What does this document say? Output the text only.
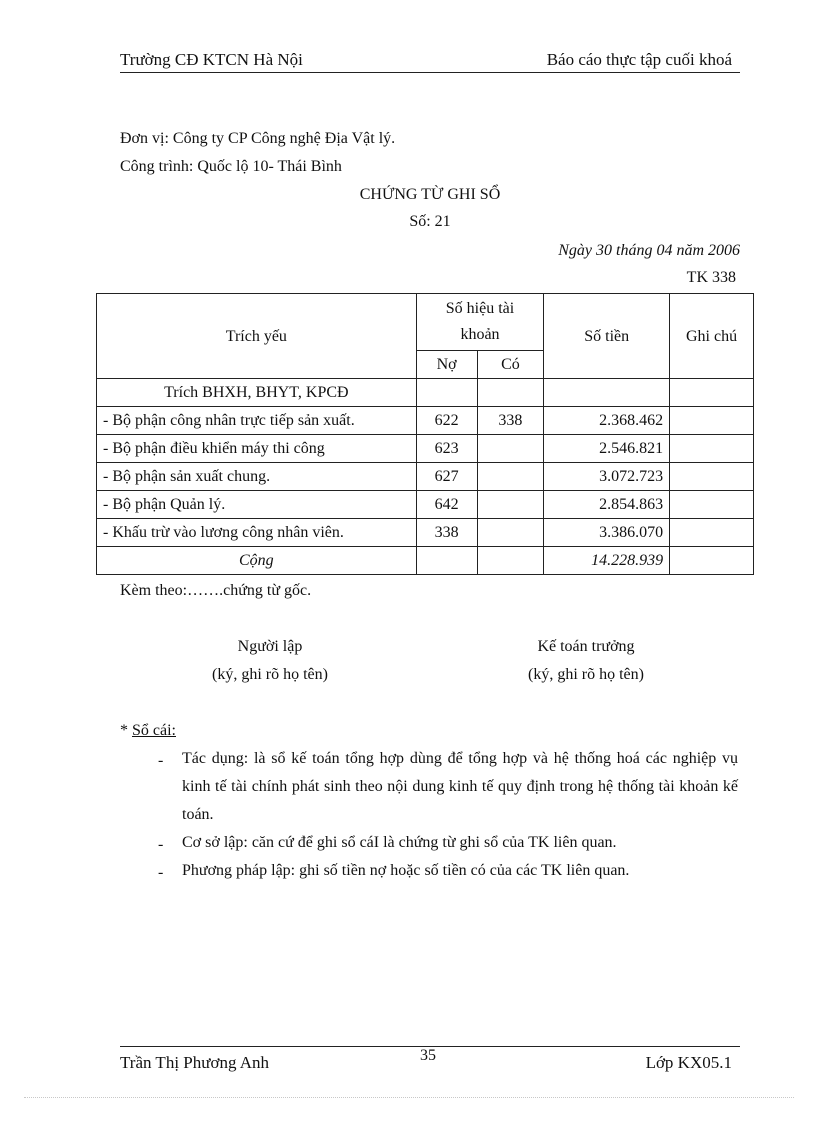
Trường CĐ KTCN Hà Nội	Báo cáo thực tập cuối khoá
Đơn vị: Công ty CP Công nghệ Địa Vật lý.
Công trình: Quốc lộ 10- Thái Bình
CHỨNG TỪ GHI SỔ
Số: 21
Ngày 30 tháng 04 năm 2006
TK 338
Trích yếu	Số hiệu tài khoản		Số tiền	Ghi chú
	Nợ	Có		
Trích BHXH, BHYT, KPCĐ				
- Bộ phận công nhân trực tiếp sản xuất.	622	338	2.368.462	
- Bộ phận điều khiển máy thi công	623		2.546.821	
- Bộ phận sản xuất chung.	627		3.072.723	
- Bộ phận Quản lý.	642		2.854.863	
- Khấu trừ vào lương công nhân viên.	338		3.386.070	
Cộng			14.228.939	
Kèm theo:…….chứng từ gốc.
Người lập
(ký, ghi rõ họ tên)
Kế toán trưởng
(ký, ghi rõ họ tên)
* Sổ cái:
- Tác dụng: là sổ kế toán tổng hợp dùng để tổng hợp và hệ thống hoá các nghiệp vụ kinh tế tài chính phát sinh theo nội dung kinh tế quy định trong hệ thống tài khoản kế toán.
- Cơ sở lập: căn cứ để ghi sổ cáI là chứng từ ghi sổ của TK liên quan.
- Phương pháp lập: ghi số tiền nợ hoặc số tiền có của các TK liên quan.
Trần Thị Phương Anh	35	Lớp KX05.1
